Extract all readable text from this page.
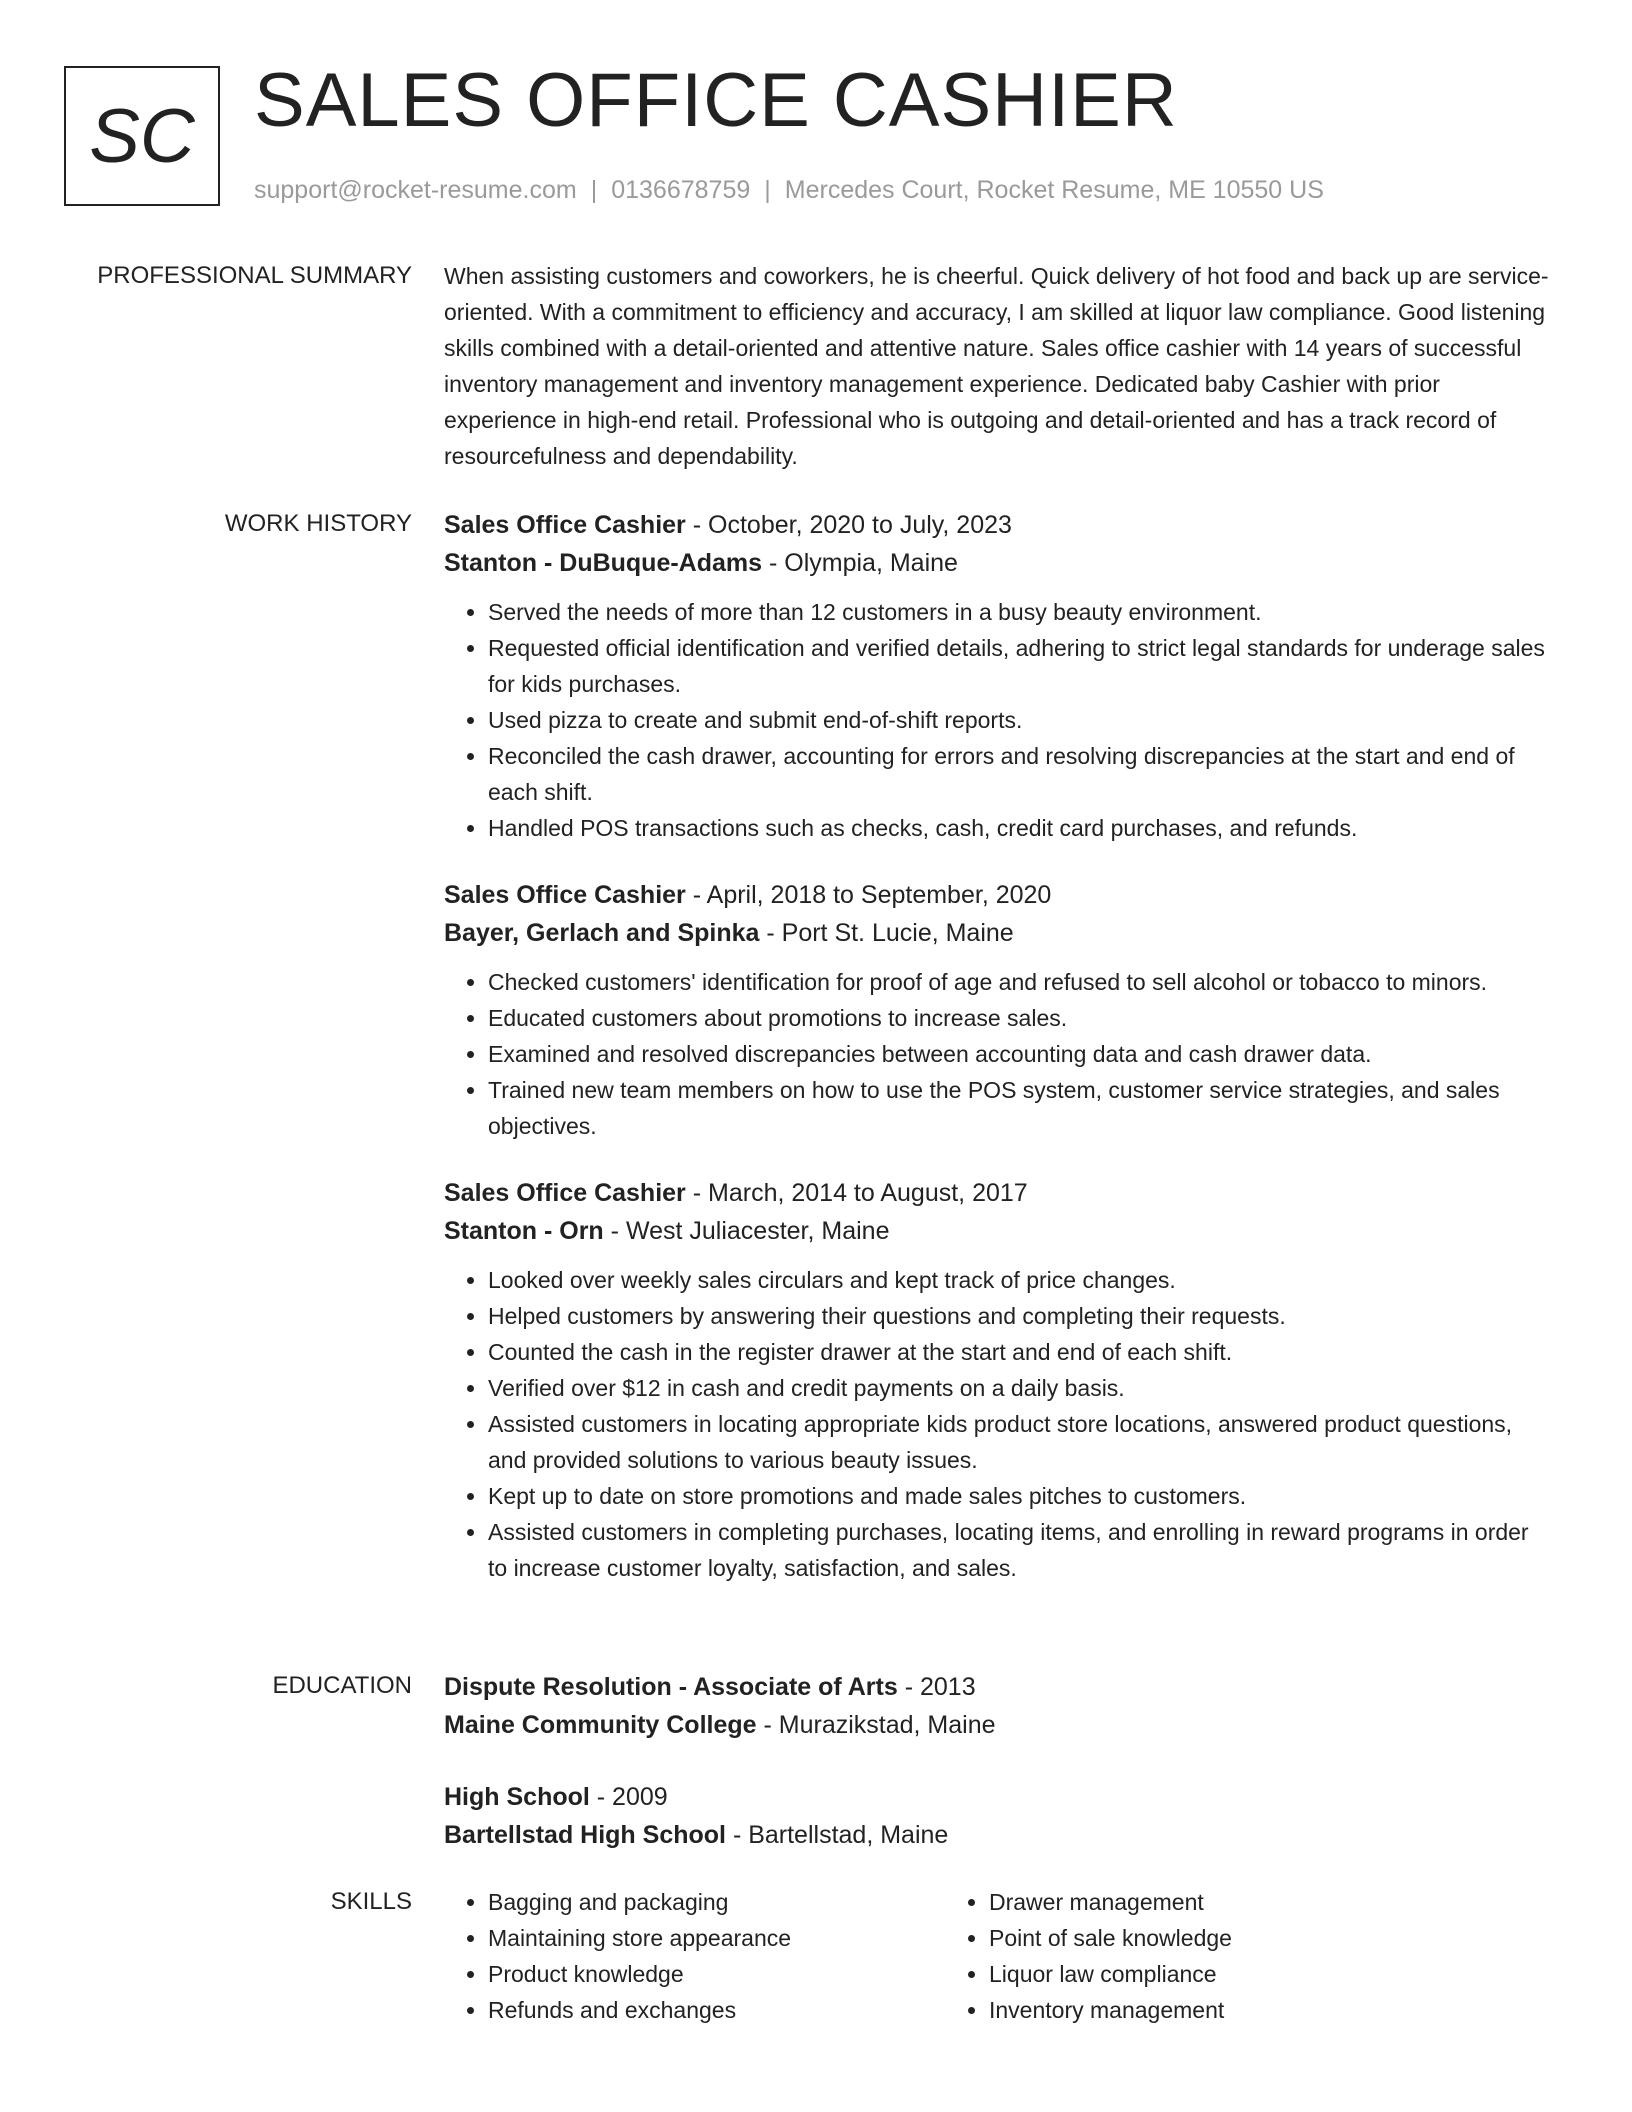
SC SALES OFFICE CASHIER
support@rocket-resume.com | 0136678759 | Mercedes Court, Rocket Resume, ME 10550 US
PROFESSIONAL SUMMARY When assisting customers and coworkers, he is cheerful. Quick delivery of hot food and back up are service-oriented. With a commitment to efficiency and accuracy, I am skilled at liquor law compliance. Good listening skills combined with a detail-oriented and attentive nature. Sales office cashier with 14 years of successful inventory management and inventory management experience. Dedicated baby Cashier with prior experience in high-end retail. Professional who is outgoing and detail-oriented and has a track record of resourcefulness and dependability.

WORK HISTORY Sales Office Cashier - October, 2020 to July, 2023
Stanton - DuBuque-Adams - Olympia, Maine
• Served the needs of more than 12 customers in a busy beauty environment.
• Requested official identification and verified details, adhering to strict legal standards for underage sales for kids purchases.
• Used pizza to create and submit end-of-shift reports.
• Reconciled the cash drawer, accounting for errors and resolving discrepancies at the start and end of each shift.
• Handled POS transactions such as checks, cash, credit card purchases, and refunds.
Sales Office Cashier - April, 2018 to September, 2020
Bayer, Gerlach and Spinka - Port St. Lucie, Maine
• Checked customers' identification for proof of age and refused to sell alcohol or tobacco to minors.
• Educated customers about promotions to increase sales.
• Examined and resolved discrepancies between accounting data and cash drawer data.
• Trained new team members on how to use the POS system, customer service strategies, and sales objectives.
Sales Office Cashier - March, 2014 to August, 2017
Stanton - Orn - West Juliacester, Maine
• Looked over weekly sales circulars and kept track of price changes.
• Helped customers by answering their questions and completing their requests.
• Counted the cash in the register drawer at the start and end of each shift.
• Verified over $12 in cash and credit payments on a daily basis.
• Assisted customers in locating appropriate kids product store locations, answered product questions, and provided solutions to various beauty issues.
• Kept up to date on store promotions and made sales pitches to customers.
• Assisted customers in completing purchases, locating items, and enrolling in reward programs in order to increase customer loyalty, satisfaction, and sales.
EDUCATION Dispute Resolution - Associate of Arts - 2013
Maine Community College - Murazikstad, Maine
High School - 2009
Bartellstad High School - Bartellstad, Maine
SKILLS
•	Bagging and packaging
• Maintaining store appearance
• Product knowledge
• Refunds and exchanges
• Drawer management
• Point of sale knowledge
• Liquor law compliance
• Inventory management
